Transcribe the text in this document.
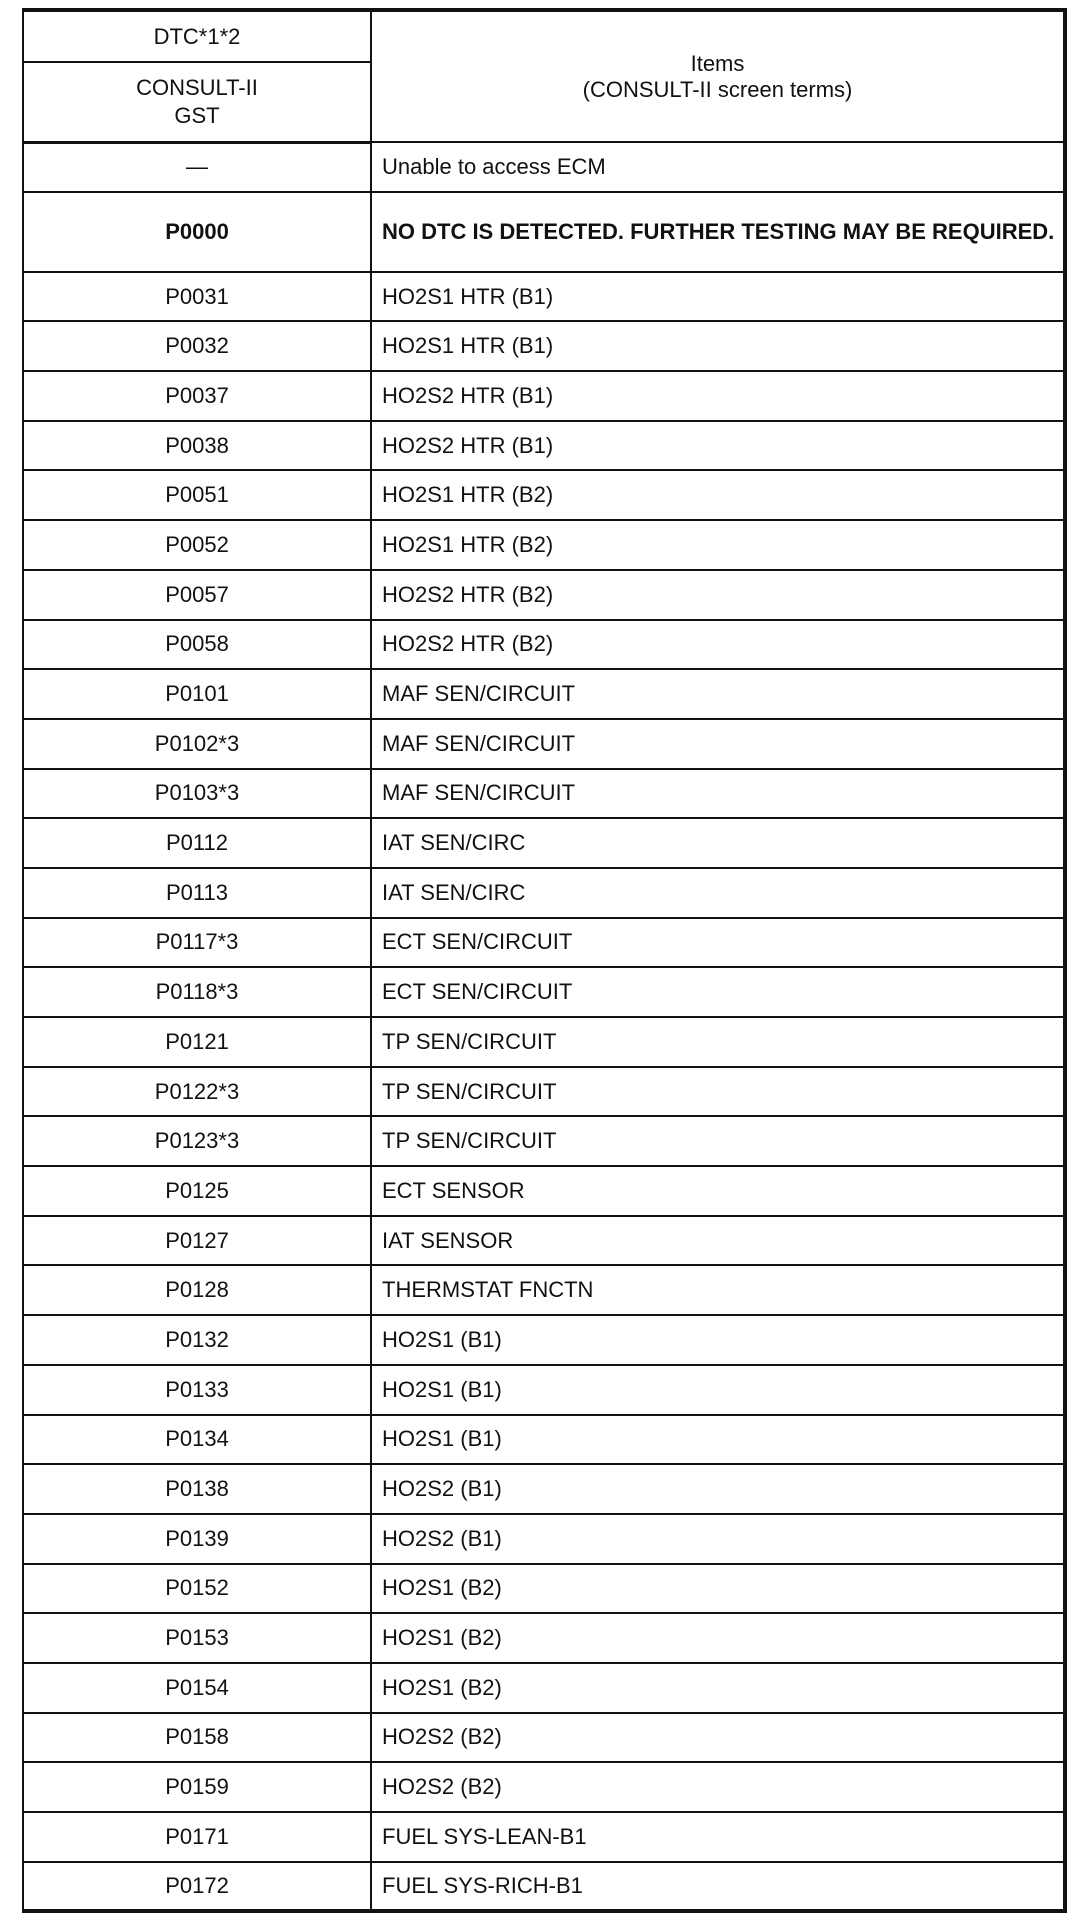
DTC*1*2	Items
(CONSULT-II screen terms)

CONSULT-II
GST	

—	Unable to access ECM
P0000	NO DTC IS DETECTED. FURTHER TESTING MAY BE REQUIRED.
P0031	HO2S1 HTR (B1)
P0032	HO2S1 HTR (B1)
P0037	HO2S2 HTR (B1)
P0038	HO2S2 HTR (B1)
P0051	HO2S1 HTR (B2)
P0052	HO2S1 HTR (B2)
P0057	HO2S2 HTR (B2)
P0058	HO2S2 HTR (B2)
P0101	MAF SEN/CIRCUIT
P0102*3	MAF SEN/CIRCUIT
P0103*3	MAF SEN/CIRCUIT
P0112	IAT SEN/CIRC
P0113	IAT SEN/CIRC
P0117*3	ECT SEN/CIRCUIT
P0118*3	ECT SEN/CIRCUIT
P0121	TP SEN/CIRCUIT
P0122*3	TP SEN/CIRCUIT
P0123*3	TP SEN/CIRCUIT
P0125	ECT SENSOR
P0127	IAT SENSOR
P0128	THERMSTAT FNCTN
P0132	HO2S1 (B1)
P0133	HO2S1 (B1)
P0134	HO2S1 (B1)
P0138	HO2S2 (B1)
P0139	HO2S2 (B1)
P0152	HO2S1 (B2)
P0153	HO2S1 (B2)
P0154	HO2S1 (B2)
P0158	HO2S2 (B2)
P0159	HO2S2 (B2)
P0171	FUEL SYS-LEAN-B1
P0172	FUEL SYS-RICH-B1
